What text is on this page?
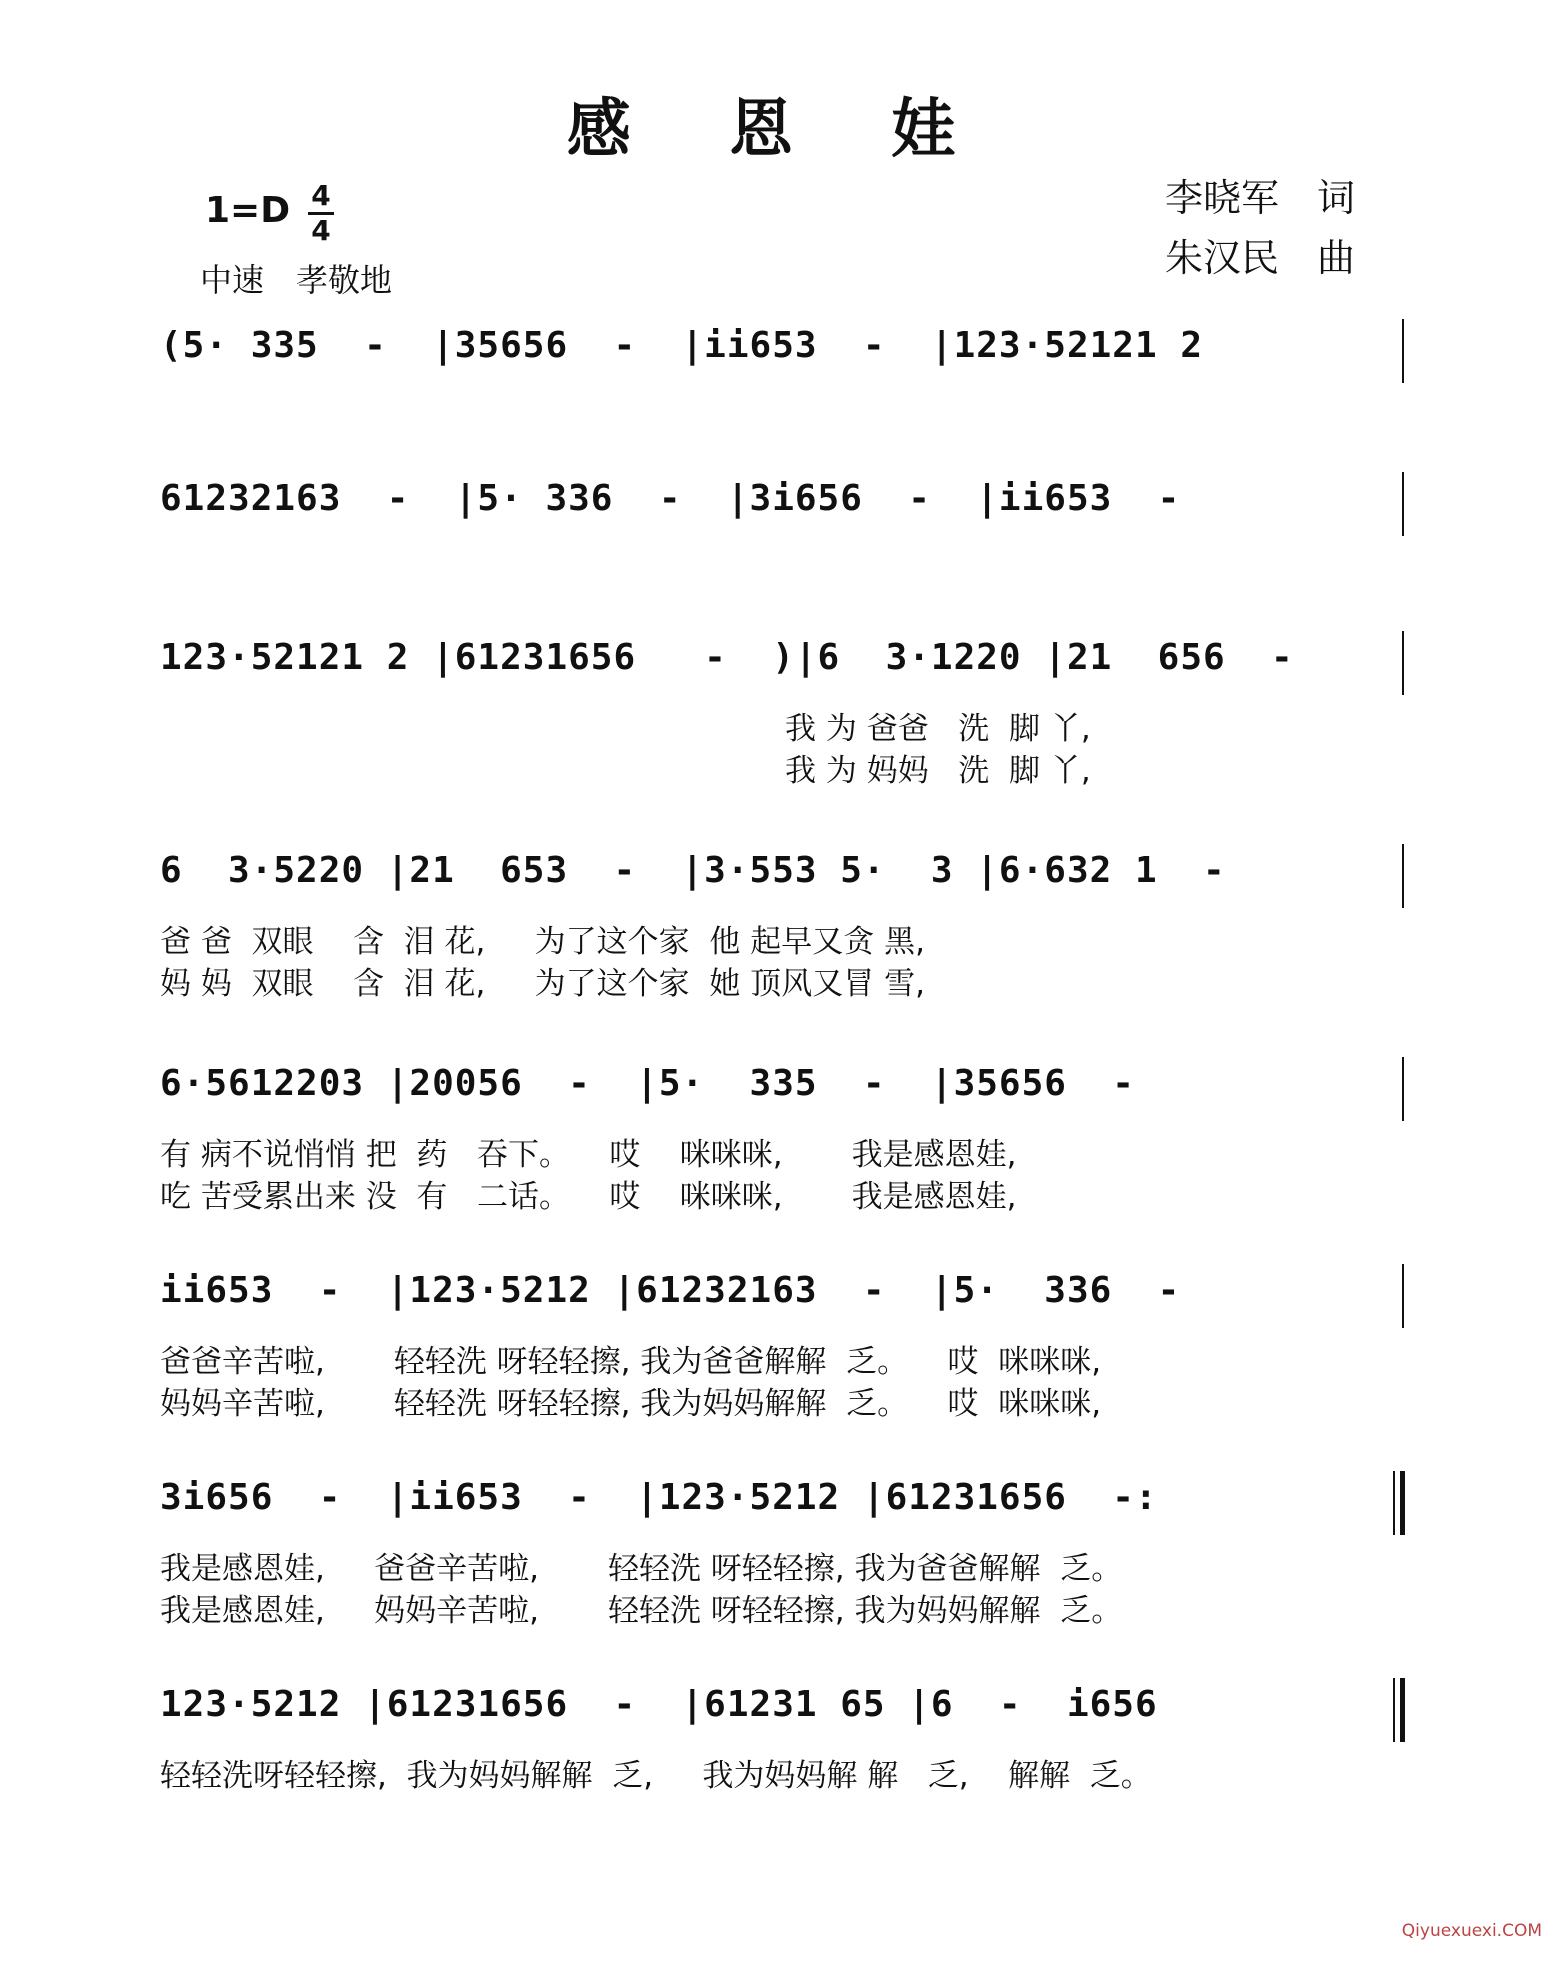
感 恩 娃
1=D 4
4
中速　孝敬地
李晓军　词
朱汉民　曲
(5· 335  -  |35656  -  |iі653  -  |123·52121 2
61232163  -  |5· 336  -  |3i656  -  |ii653  -
123·52121 2 |61231656   -  )|6  3·1220 |21  656  -
我 为 爸爸   洗  脚 丫,
我 为 妈妈   洗  脚 丫,
6  3·5220 |21  653  -  |3·553 5·  3 |6·632 1  -
爸 爸  双眼    含  泪 花,     为了这个家  他 起早又贪 黑,
妈 妈  双眼    含  泪 花,     为了这个家  她 顶风又冒 雪,
6·5612203 |20056  -  |5·  335  -  |35656  -
有 病不说悄悄 把  药   吞下。    哎    咪咪咪,       我是感恩娃,
吃 苦受累出来 没  有   二话。    哎    咪咪咪,       我是感恩娃,
ii653  -  |123·5212 |61232163  -  |5·  336  -
爸爸辛苦啦,       轻轻洗 呀轻轻擦, 我为爸爸解解  乏。    哎  咪咪咪,
妈妈辛苦啦,       轻轻洗 呀轻轻擦, 我为妈妈解解  乏。    哎  咪咪咪,
3i656  -  |ii653  -  |123·5212 |61231656  -:
我是感恩娃,     爸爸辛苦啦,       轻轻洗 呀轻轻擦, 我为爸爸解解  乏。
我是感恩娃,     妈妈辛苦啦,       轻轻洗 呀轻轻擦, 我为妈妈解解  乏。
123·5212 |61231656  -  |61231 65 |6  -  i656
轻轻洗呀轻轻擦,  我为妈妈解解  乏,     我为妈妈解 解   乏,    解解  乏。
Qiyuexuexi.COM
